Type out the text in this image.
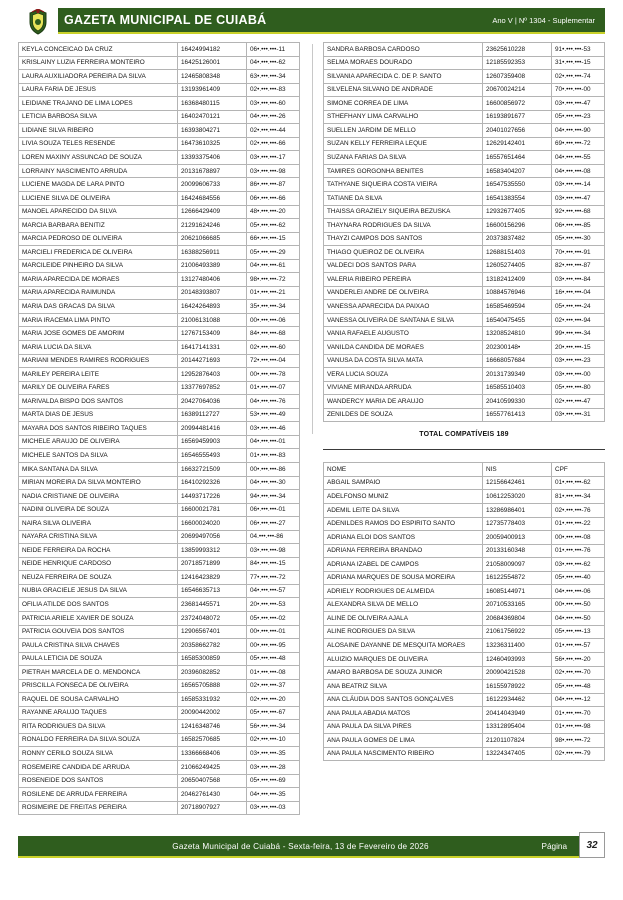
GAZETA MUNICIPAL DE CUIABÁ	Ano V | Nº 1304 - Suplementar
KEYLA CONCEICAO DA CRUZ	16424994182	06•.•••.•••-11
KRISLAINY LUZIA FERREIRA MONTEIRO	16425126001	04•.•••.•••-62
LAURA AUXILIADORA PEREIRA DA SILVA	12465808348	63•.•••.•••-34
LAURA FARIA DE JESUS	13193961409	02•.•••.•••-83
LEIDIANE TRAJANO DE LIMA LOPES	16368480115	03•.•••.•••-60
LETICIA BARBOSA SILVA	16402470121	04•.•••.•••-26
LIDIANE SILVA RIBEIRO	16393804271	02•.•••.•••-44
LIVIA SOUZA TELES RESENDE	16473610325	02•.•••.•••-66
LOREN MAXINY ASSUNCAO DE SOUZA	13393375406	03•.•••.•••-17
LORRAINY NASCIMENTO ARRUDA	20131678897	03•.•••.•••-98
LUCIENE MAGDA DE LARA PINTO	20099606733	86•.•••.•••-87
LUCIENE SILVA DE OLIVEIRA	16424684556	06•.•••.•••-66
MANOEL APARECIDO DA SILVA	12666429409	48•.•••.•••-20
MARCIA BARBARA BENITIZ	21291624246	05•.•••.•••-62
MARCIA PEDROSO DE OLIVEIRA	20621066685	66•.•••.•••-15
MARCIELI FREDERICA DE OLIVEIRA	16388256911	05•.•••.•••-29
MARCILEIDE PINHEIRO DA SILVA	21006493389	04•.•••.•••-61
MARIA APARECIDA DE MORAES	13127480406	98•.•••.•••-72
MARIA APARECIDA RAIMUNDA	20148393807	01•.•••.•••-21
MARIA DAS GRACAS DA SILVA	16424264893	35•.•••.•••-34
MARIA IRACEMA LIMA PINTO	21006131088	00•.•••.•••-06
MARIA JOSE GOMES DE AMORIM	12767153409	84•.•••.•••-68
MARIA LUCIA DA SILVA	16417141331	02•.•••.•••-60
MARIANI MENDES RAMIRES RODRIGUES	20144271693	72•.•••.•••-04
MARILEY PEREIRA LEITE	12952876403	00•.•••.•••-78
MARILY DE OLIVEIRA FARES	13377697852	01•.•••.•••-07
MARIVALDA BISPO DOS SANTOS	20427064036	04•.•••.•••-76
MARTA DIAS DE JESUS	16389112727	53•.•••.•••-49
MAYARA DOS SANTOS RIBEIRO TAQUES	20994481416	03•.•••.•••-46
MICHELE ARAUJO DE OLIVEIRA	16569459903	04•.•••.•••-01
MICHELE SANTOS DA SILVA	16546555493	01•.•••.•••-83
MIKA SANTANA DA SILVA	16632721509	00•.•••.•••-86
MIRIAN MOREIRA DA SILVA MONTEIRO	16410292326	04•.•••.•••-30
NADIA CRISTIANE DE OLIVEIRA	14493717226	94•.•••.•••-34
NADINI OLIVEIRA DE SOUZA	16600021781	06•.•••.•••-01
NAIRA SILVA OLIVEIRA	16600024020	06•.•••.•••-27
NAYARA CRISTINA SILVA	20699497056	04.•••.•••-86
NEIDE FERREIRA DA ROCHA	13859993312	03•.•••.•••-98
NEIDE HENRIQUE CARDOSO	20718571899	84•.•••.•••-15
NEUZA FERREIRA DE SOUZA	12416423829	77•.•••.•••-72
NUBIA GRACIELE JESUS DA SILVA	16546635713	04•.•••.•••-57
OFILIA ATILDE DOS SANTOS	23681445571	20•.•••.•••-53
PATRICIA ARIELE XAVIER DE SOUZA	23724048072	05•.•••.•••-02
PATRICIA GOUVEIA DOS SANTOS	12906567401	00•.•••.•••-01
PAULA CRISTINA SILVA CHAVES	20358662782	00•.•••.•••-95
PAULA LETICIA DE SOUZA	16585300859	05•.•••.•••-48
PIETRAH MARCELA DE O. MENDONCA	20396082852	01•.•••.•••-08
PRISCILLA FONSECA DE OLIVEIRA	16565705888	02•.•••.•••-37
RAQUEL DE SOUSA CARVALHO	16585331932	02•.•••.•••-20
RAYANNE ARAUJO TAQUES	20090442002	05•.•••.•••-67
RITA RODRIGUES DA SILVA	12416348746	56•.•••.•••-34
RONALDO FERREIRA DA SILVA SOUZA	16582570685	02•.•••.•••-10
RONNY CERILO SOUZA SILVA	13366668406	03•.•••.•••-35
ROSEMEIRE CANDIDA DE ARRUDA	21066249425	03•.•••.•••-28
ROSENEIDE DOS SANTOS	20650407568	05•.•••.•••-69
ROSILENE DE ARRUDA FERREIRA	20462761430	04•.•••.•••-35
ROSIMEIRE DE FREITAS PEREIRA	20718907927	03•.•••.•••-03
SANDRA BARBOSA CARDOSO	23625610228	91•.•••.•••-53
SELMA MORAES DOURADO	12185592353	31•.•••.•••-15
SILVANIA APARECIDA C. DE P. SANTO	12607359408	02•.•••.•••-74
SILVELENA SILVANO DE ANDRADE	20670024214	70•.•••.•••-00
SIMONE CORREA DE LIMA	16600856972	03•.•••.•••-47
STHEFHANY LIMA CARVALHO	16193891677	05•.•••.•••-23
SUELLEN JARDIM DE MELLO	20401027656	04•.•••.•••-90
SUZAN KELLY FERREIRA LEQUE	12629142401	69•.•••.•••-72
SUZANA FARIAS DA SILVA	16557651464	04•.•••.•••-55
TAMIRES GORGONHA BENITES	16583404207	04•.•••.•••-08
TATHYANE SIQUEIRA COSTA VIEIRA	16547535550	03•.•••.•••-14
TATIANE DA SILVA	16541383554	03•.•••.•••-47
THAISSA GRAZIELY SIQUEIRA BEZUSKA	12932677405	92•.•••.•••-68
THAYNARA RODRIGUES DA SILVA	16600156296	06•.•••.•••-85
THAYZI CAMPOS DOS SANTOS	20373837482	05•.•••.•••-30
THIAGO QUEIROZ DE OLIVEIRA	12688151403	70•.•••.•••-91
VALDECI DOS SANTOS PARA	12605274405	82•.•••.•••-87
VALERIA RIBEIRO PEREIRA	13182412409	03•.•••.•••-84
VANDERLEI ANDRE DE OLIVEIRA	10884576946	16•.•••.•••-04
VANESSA APARECIDA DA PAIXAO	16585469594	05•.•••.•••-24
VANESSA OLIVEIRA DE SANTANA E SILVA	16540475455	02•.•••.•••-94
VANIA RAFAELE AUGUSTO	13208524810	99•.•••.•••-34
VANILDA CANDIDA DE MORAES	202300148•	20•.•••.•••-15
VANUSA DA COSTA SILVA MATA	16668057684	03•.•••.•••-23
VERA LUCIA SOUZA	20131739349	03•.•••.•••-00
VIVIANE MIRANDA ARRUDA	16585510403	05•.•••.•••-80
WANDERCY MARIA DE ARAUJO	20410599330	02•.•••.•••-47
ZENILDES DE SOUZA	16557761413	03•.•••.•••-31
TOTAL COMPATÍVEIS 189
NOME	NIS	CPF
ABGAIL SAMPAIO	12156642461	01•.•••.•••-62
ADELFONSO MUNIZ	10612253020	81•.•••.•••-34
ADEMIL LEITE DA SILVA	13286986401	02•.•••.•••-76
ADENILDES RAMOS DO ESPIRITO SANTO	12735778403	01•.•••.•••-22
ADRIANA ELOI DOS SANTOS	20059400913	00•.•••.•••-08
ADRIANA FERREIRA BRANDAO	20133160348	01•.•••.•••-76
ADRIANA IZABEL DE CAMPOS	21058009097	03•.•••.•••-62
ADRIANA MARQUES DE SOUSA MOREIRA	16122554872	05•.•••.•••-40
ADRIELY RODRIGUES DE ALMEIDA	16085144971	04•.•••.•••-06
ALEXANDRA SILVA DE MELLO	20710533165	00•.•••.•••-50
ALINE DE OLIVEIRA AJALA	20684369804	04•.•••.•••-50
ALINE RODRIGUES DA SILVA	21061756922	05•.•••.•••-13
ALOSAINE DAYANNE DE MESQUITA MORAES	13236311400	01•.•••.•••-57
ALUIZIO MARQUES DE OLIVEIRA	12460493993	56•.•••.•••-20
AMARO BARBOSA DE SOUZA JUNIOR	20090421528	02•.•••.•••-70
ANA BEATRIZ SILVA	16155978922	05•.•••.•••-48
ANA CLÁUDIA DOS SANTOS GONÇALVES	16122934462	04•.•••.•••-12
ANA PAULA ABADIA MATOS	20414043949	01•.•••.•••-70
ANA PAULA DA SILVA PIRES	13312895404	01•.•••.•••-98
ANA PAULA GOMES DE LIMA	21201107824	98•.•••.•••-72
ANA PAULA NASCIMENTO RIBEIRO	13224347405	02•.•••.•••-79
Gazeta Municipal de Cuiabá - Sexta-feira, 13 de Fevereiro de 2026	Página	32
